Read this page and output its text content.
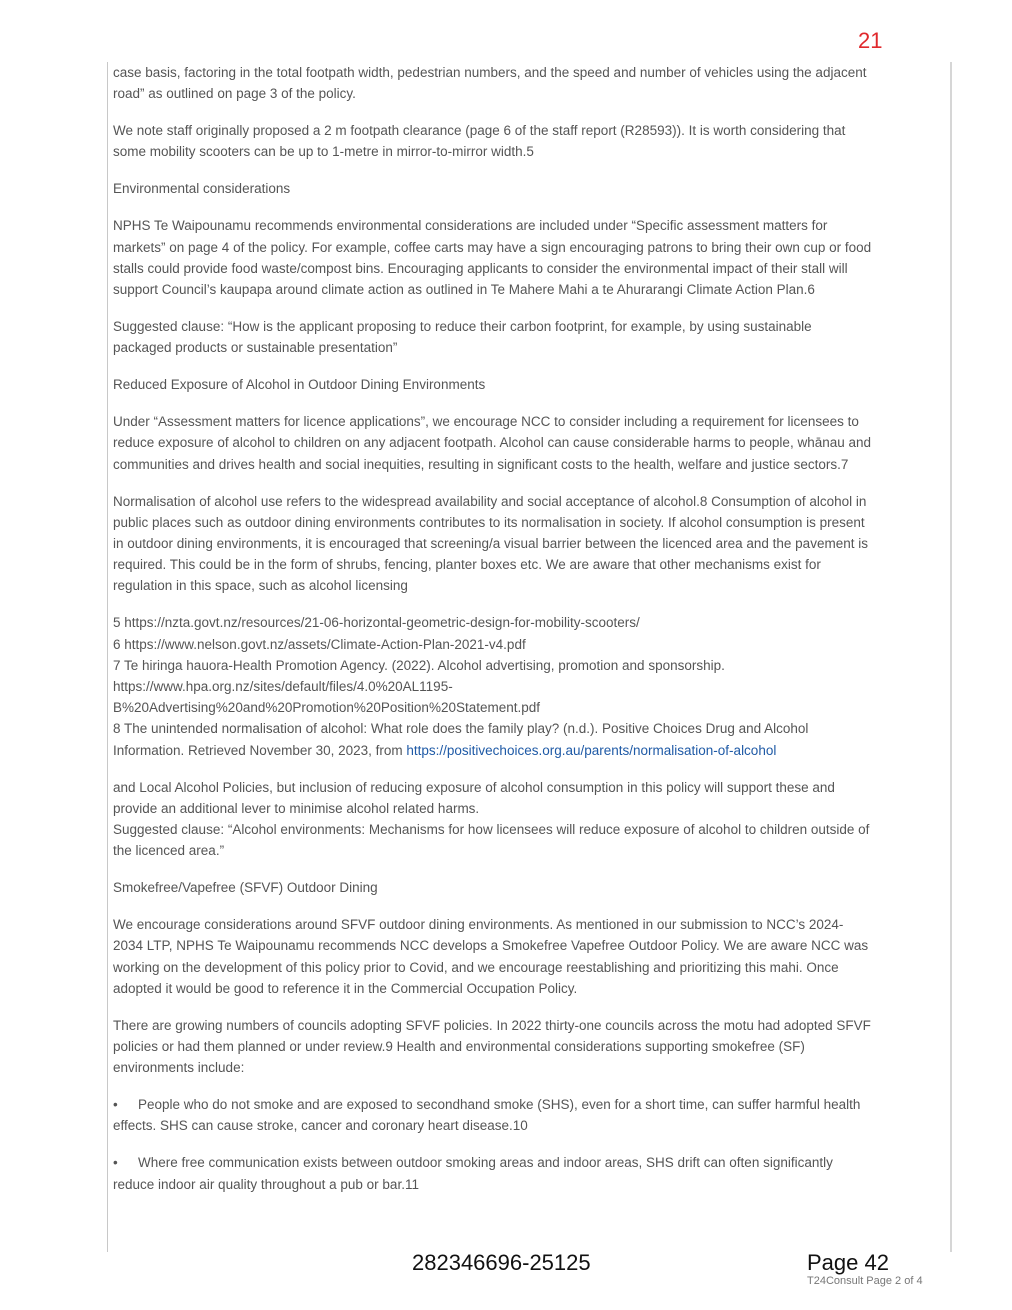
21

case basis, factoring in the total footpath width, pedestrian numbers, and the speed and number of vehicles using the adjacent road” as outlined on page 3 of the policy.

We note staff originally proposed a 2 m footpath clearance (page 6 of the staff report (R28593)). It is worth considering that some mobility scooters can be up to 1-metre in mirror-to-mirror width.5

Environmental considerations

NPHS Te Waipounamu recommends environmental considerations are included under “Specific assessment matters for markets” on page 4 of the policy. For example, coffee carts may have a sign encouraging patrons to bring their own cup or food stalls could provide food waste/compost bins. Encouraging applicants to consider the environmental impact of their stall will support Council’s kaupapa around climate action as outlined in Te Mahere Mahi a te Ahurarangi Climate Action Plan.6

Suggested clause: “How is the applicant proposing to reduce their carbon footprint, for example, by using sustainable packaged products or sustainable presentation”

Reduced Exposure of Alcohol in Outdoor Dining Environments

Under “Assessment matters for licence applications”, we encourage NCC to consider including a requirement for licensees to reduce exposure of alcohol to children on any adjacent footpath. Alcohol can cause considerable harms to people, whānau and communities and drives health and social inequities, resulting in significant costs to the health, welfare and justice sectors.7

Normalisation of alcohol use refers to the widespread availability and social acceptance of alcohol.8 Consumption of alcohol in public places such as outdoor dining environments contributes to its normalisation in society. If alcohol consumption is present in outdoor dining environments, it is encouraged that screening/a visual barrier between the licenced area and the pavement is required. This could be in the form of shrubs, fencing, planter boxes etc. We are aware that other mechanisms exist for regulation in this space, such as alcohol licensing

5 https://nzta.govt.nz/resources/21-06-horizontal-geometric-design-for-mobility-scooters/

6 https://www.nelson.govt.nz/assets/Climate-Action-Plan-2021-v4.pdf

7 Te hiringa hauora-Health Promotion Agency. (2022). Alcohol advertising, promotion and sponsorship.

https://www.hpa.org.nz/sites/default/files/4.0%20AL1195-

B%20Advertising%20and%20Promotion%20Position%20Statement.pdf

8 The unintended normalisation of alcohol: What role does the family play? (n.d.). Positive Choices Drug and Alcohol

Information. Retrieved November 30, 2023, from https://positivechoices.org.au/parents/normalisation-of-alcohol

and Local Alcohol Policies, but inclusion of reducing exposure of alcohol consumption in this policy will support these and provide an additional lever to minimise alcohol related harms.

Suggested clause: “Alcohol environments: Mechanisms for how licensees will reduce exposure of alcohol to children outside of the licenced area.”

Smokefree/Vapefree (SFVF) Outdoor Dining

We encourage considerations around SFVF outdoor dining environments. As mentioned in our submission to NCC’s 2024-2034 LTP, NPHS Te Waipounamu recommends NCC develops a Smokefree Vapefree Outdoor Policy. We are aware NCC was working on the development of this policy prior to Covid, and we encourage reestablishing and prioritizing this mahi. Once adopted it would be good to reference it in the Commercial Occupation Policy.

There are growing numbers of councils adopting SFVF policies. In 2022 thirty-one councils across the motu had adopted SFVF policies or had them planned or under review.9 Health and environmental considerations supporting smokefree (SF) environments include:

• People who do not smoke and are exposed to secondhand smoke (SHS), even for a short time, can suffer harmful health effects. SHS can cause stroke, cancer and coronary heart disease.10

• Where free communication exists between outdoor smoking areas and indoor areas, SHS drift can often significantly reduce indoor air quality throughout a pub or bar.11

282346696-25125	Page 42
T24Consult Page 2 of 4
